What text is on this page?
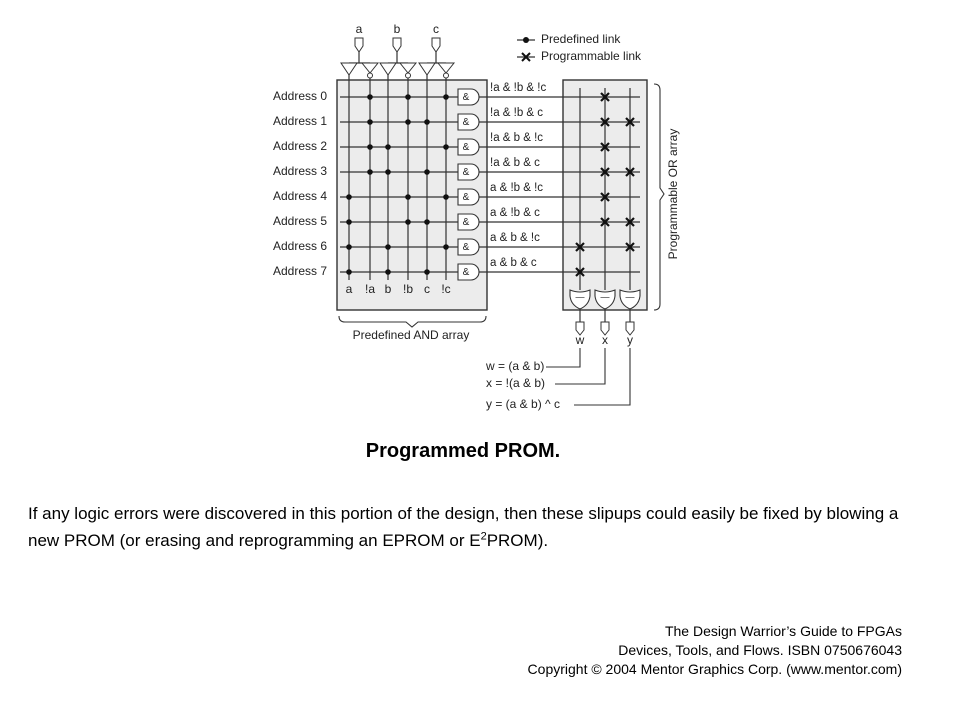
Predefined link
Programmable link
a	b	c
a !a b !b c !c
Address 0	&
!a & !b & !c
Address 1	&
!a & !b & c
Address 2	&
!a & b & !c
Address 3	&
!a & b & c
Address 4	&
a & !b & !c
Address 5	&
a & !b & c
Address 6	&
a & b & !c
Address 7	&
a & b & c
—
w
—
x
—
y
Predefined AND array
Programmable OR array
w = (a & b)
x = !(a & b)
y = (a & b) ^ c
Programmed PROM.
If any logic errors were discovered in this portion of the design, then these slipups could easily be fixed by blowing a new PROM (or erasing and reprogramming an EPROM or $E^2PROM$).
The Design Warrior’s Guide to FPGAs
Devices, Tools, and Flows. ISBN 0750676043
Copyright © 2004 Mentor Graphics Corp. (www.mentor.com)
